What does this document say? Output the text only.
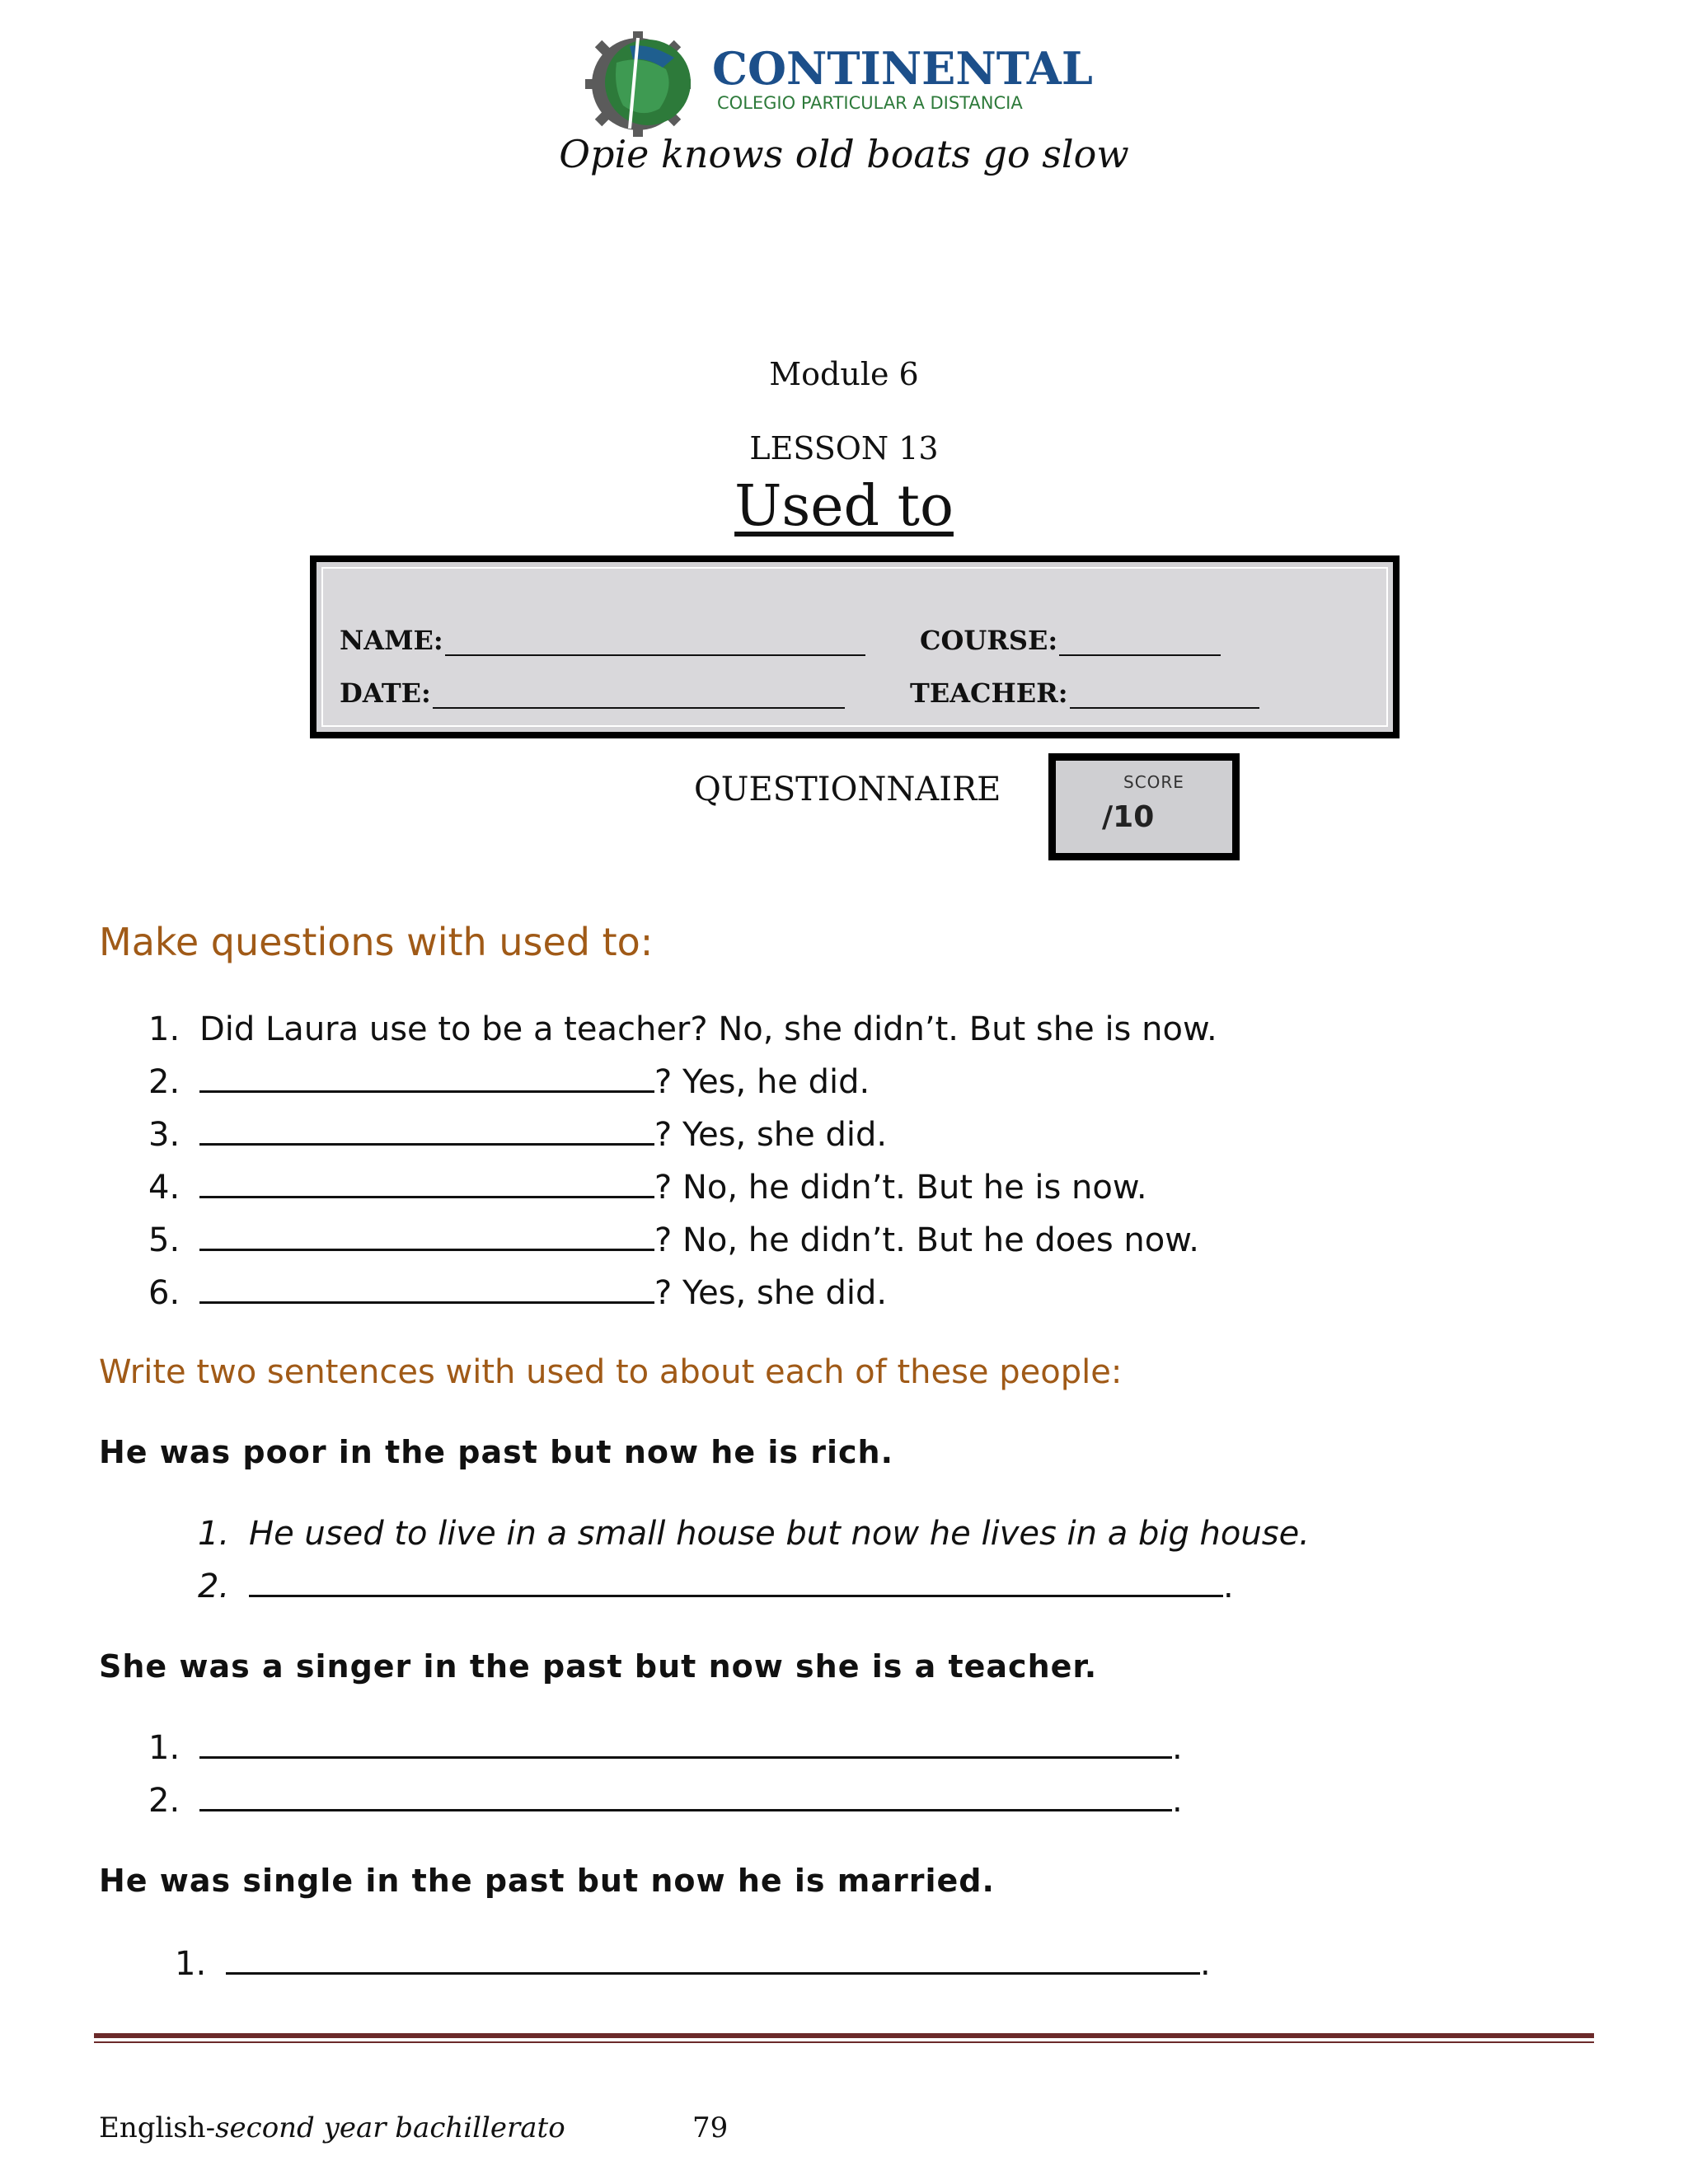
CONTINENTAL
COLEGIO PARTICULAR A DISTANCIA
Opie knows old boats go slow
Module 6
LESSON 13
Used to
NAME:	COURSE:
DATE:	TEACHER:
QUESTIONNAIRE	SCORE
/10
Make questions with used to:
1. Did Laura use to be a teacher? No, she didn’t. But she is now.
2.	? Yes, he did.
3.	? Yes, she did.
4.	? No, he didn’t. But he is now.
5.	? No, he didn’t. But he does now.
6.	? Yes, she did.
Write two sentences with used to about each of these people:
He was poor in the past but now he is rich.
1. He used to live in a small house but now he lives in a big house.
2.	.
She was a singer in the past but now she is a teacher.
1.	.
2.	.
He was single in the past but now he is married.
1.	.
English-second year bachillerato	79
